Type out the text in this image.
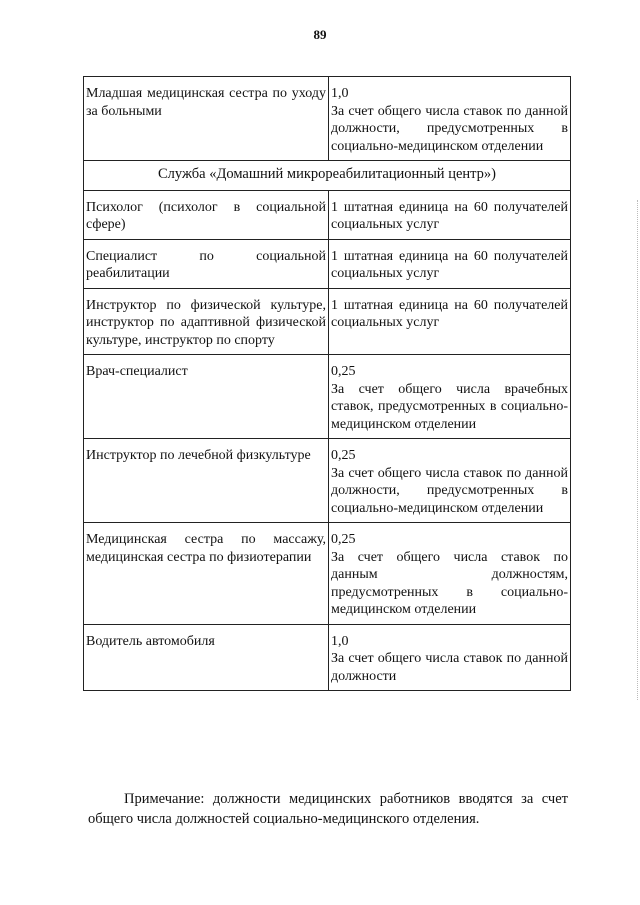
89
Младшая медицинская сестра по уходу за больными	1,0
За счет общего числа ставок по данной должности, предусмотренных в социально-медицинском отделении

Служба «Домашний микрореабилитационный центр»)	
Психолог (психолог в социальной сфере)	1 штатная единица на 60 получателей социальных услуг
Специалист по социальной реабилитации	1 штатная единица на 60 получателей социальных услуг
Инструктор по физической культуре, инструктор по адаптивной физической культуре, инструктор по спорту	1 штатная единица на 60 получателей социальных услуг
Врач-специалист	0,25
За счет общего числа врачебных ставок, предусмотренных в социально-медицинском отделении

Инструктор по лечебной физкультуре	0,25
За счет общего числа ставок по данной должности, предусмотренных в социально-медицинском отделении

Медицинская сестра по массажу, медицинская сестра по физиотерапии	0,25
За счет общего числа ставок по данным должностям, предусмотренных в социально-медицинском отделении

Водитель автомобиля	1,0
За счет общего числа ставок по данной должности
Примечание: должности медицинских работников вводятся за счет общего числа должностей социально-медицинского отделения.
